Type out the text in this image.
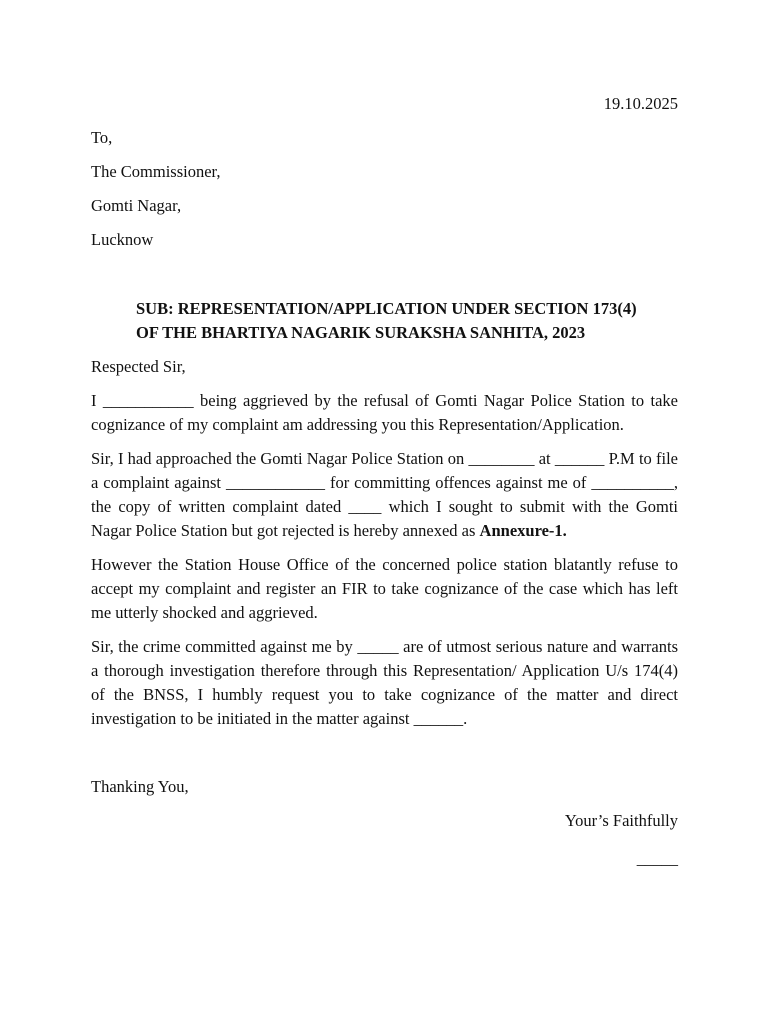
19.10.2025
To,
The Commissioner,
Gomti Nagar,
Lucknow
SUB: REPRESENTATION/APPLICATION UNDER SECTION 173(4)
OF THE BHARTIYA NAGARIK SURAKSHA SANHITA, 2023
Respected Sir,
I ___________ being aggrieved by the refusal of Gomti Nagar Police Station to take cognizance of my complaint am addressing you this Representation/Application.
Sir, I had approached the Gomti Nagar Police Station on ________ at ______ P.M to file a complaint against ____________ for committing offences against me of __________, the copy of written complaint dated ____ which I sought to submit with the Gomti Nagar Police Station but got rejected is hereby annexed as Annexure-1.
However the Station House Office of the concerned police station blatantly refuse to accept my complaint and register an FIR to take cognizance of the case which has left me utterly shocked and aggrieved.
Sir, the crime committed against me by _____ are of utmost serious nature and warrants a thorough investigation therefore through this Representation/ Application U/s 174(4) of the BNSS, I humbly request you to take cognizance of the matter and direct investigation to be initiated in the matter against ______.
Thanking You,
Your’s Faithfully
_____
